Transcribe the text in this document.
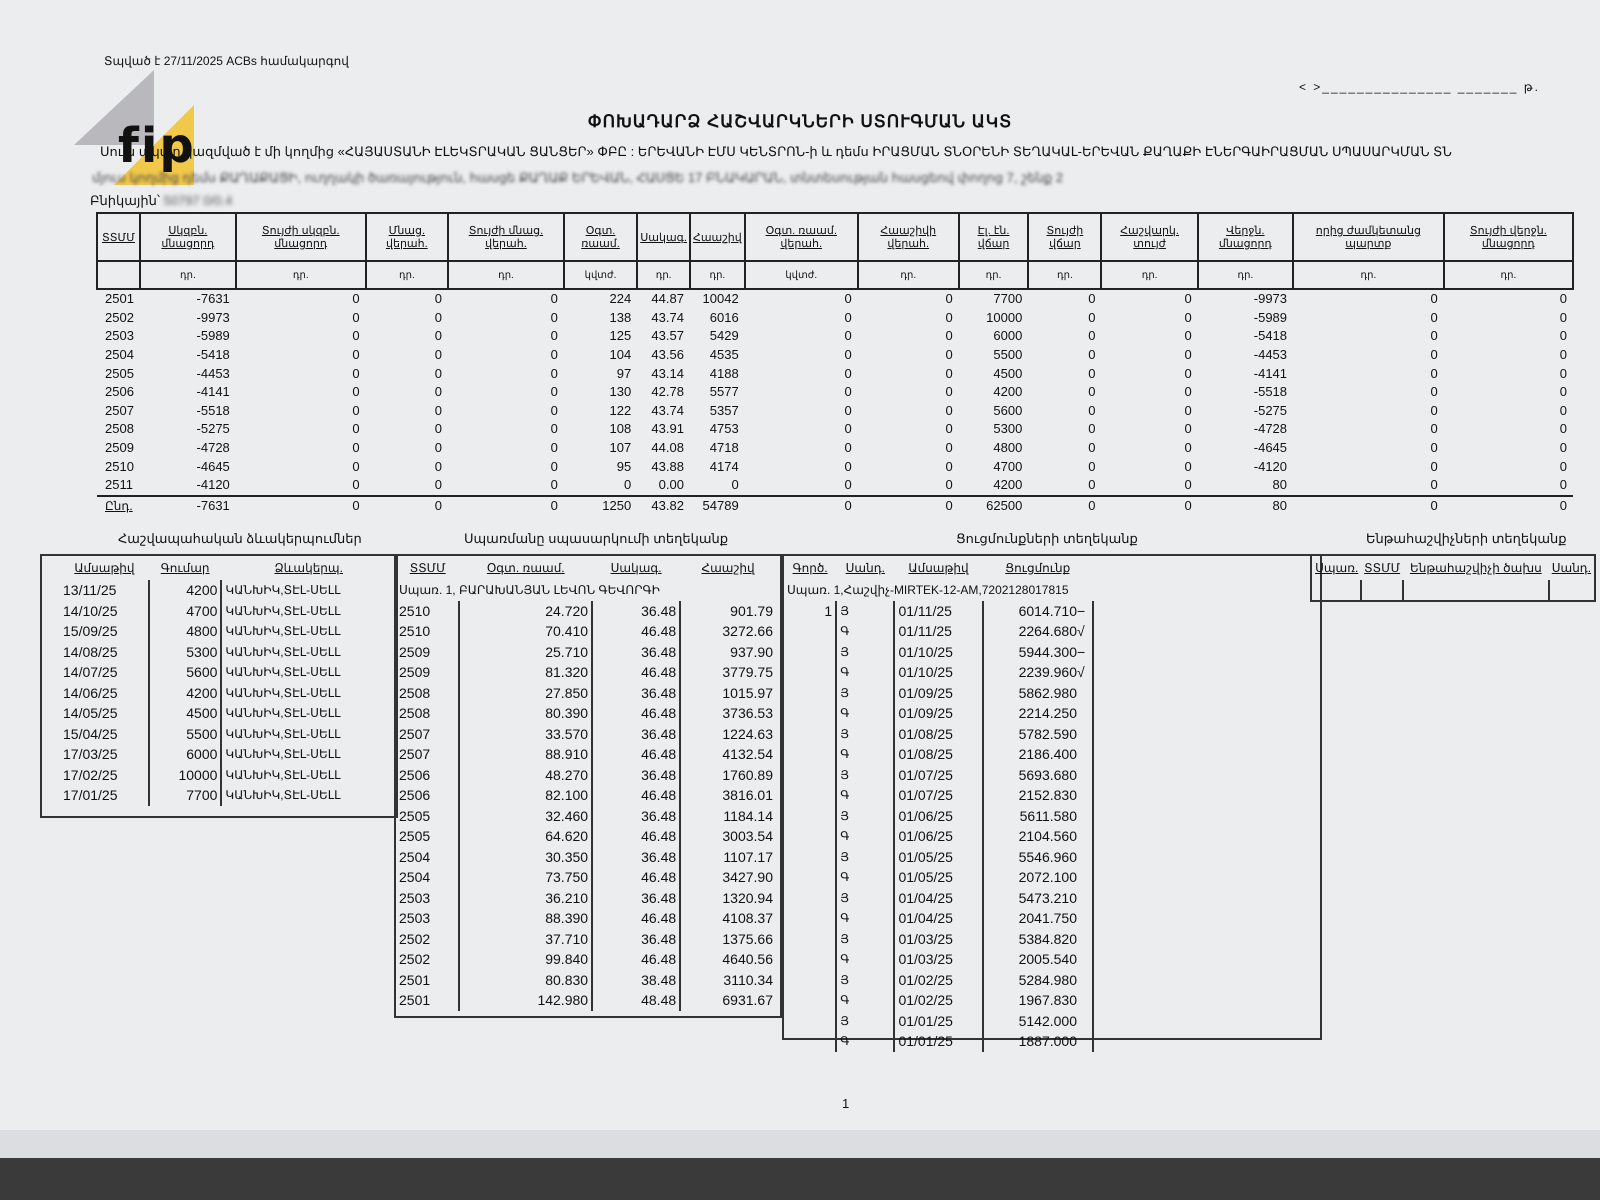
Տպված է 27/11/2025 ACBs համակարգով
< >_______________ _______ թ.
fip	ՓՈԽԱԴԱՐՁ ՀԱՇՎԱՐԿՆԵՐԻ ՍՏՈՒԳՄԱՆ ԱԿՏ
Սույն ակտը կազմված է մի կողմից «ՀԱՅԱՍՏԱՆԻ ԷԼԵԿՏՐԱԿԱՆ ՑԱՆՑԵՐ» ՓԲԸ : ԵՐԵՎԱՆԻ ԷՄՍ ԿԵՆՏՐՈՆ-ի և դեմս ԻՐԱՑՄԱՆ ՏՆՕՐԵՆԻ ՏԵՂԱԿԱԼ-ԵՐԵՎԱՆ ՔԱՂԱՔԻ ԷՆԵՐԳԱԻՐԱՑՄԱՆ ՍՊԱՍԱՐԿՄԱՆ ՏՆ
մյուս կողմից դեմս ՔԱՂԱՔԱՑԻ, ուղղակի ծառայություն, հասցե ՔԱՂԱՔ ԵՐԵՎԱՆ, ՀԱՍՑԵ 17 ԲՆԱԿԱՐԱՆ, տնտեսության հասցեով փողոց 7, շենք 2
Բնիկային՝ 50797 0/0.4
ՏՏՄՄ	Սկզբն. մնացորդ	Տույժի սկզբն. մնացորդ	Մնաց. վերահ.	Տույժի մնաց. վերահ.	Օգտ. ռաամ.	Սակագ.	Հաաշիվ	Օգտ. ռաամ. վերահ.	Հաաշիվի վերահ.	Էլ. էն. վճար	Տույժի վճար	Հաշվարկ. տույժ	Վերջն. մնացորդ	որից ժամկետանց պարտք	Տույժի վերջն. մնացորդ
	դր.	դր.	դր.	դր.	կվտժ.	դր.	դր.	կվտժ.	դր.	դր.	դր.	դր.	դր.	դր.	դր.
2501	-7631	0	0	0	224	44.87	10042	0	0	7700	0	0	-9973	0	0
2502	-9973	0	0	0	138	43.74	6016	0	0	10000	0	0	-5989	0	0
2503	-5989	0	0	0	125	43.57	5429	0	0	6000	0	0	-5418	0	0
2504	-5418	0	0	0	104	43.56	4535	0	0	5500	0	0	-4453	0	0
2505	-4453	0	0	0	97	43.14	4188	0	0	4500	0	0	-4141	0	0
2506	-4141	0	0	0	130	42.78	5577	0	0	4200	0	0	-5518	0	0
2507	-5518	0	0	0	122	43.74	5357	0	0	5600	0	0	-5275	0	0
2508	-5275	0	0	0	108	43.91	4753	0	0	5300	0	0	-4728	0	0
2509	-4728	0	0	0	107	44.08	4718	0	0	4800	0	0	-4645	0	0
2510	-4645	0	0	0	95	43.88	4174	0	0	4700	0	0	-4120	0	0
2511	-4120	0	0	0	0	0.00	0	0	0	4200	0	0	80	0	0
Ընդ.	-7631	0	0	0	1250	43.82	54789	0	0	62500	0	0	80	0	0
Հաշվապահական ձևակերպումներ	Սպառմանը սպասարկումի տեղեկանք	Ցուցմունքների տեղեկանք	Ենթահաշվիչների տեղեկանք
Ամսաթիվ	Գումար	Ձևակերպ.
13/11/25	4200	ԿԱՆԽԻԿ,ՏԷԼ-ՍԵԼԼ
14/10/25	4700	ԿԱՆԽԻԿ,ՏԷԼ-ՍԵԼԼ
15/09/25	4800	ԿԱՆԽԻԿ,ՏԷԼ-ՍԵԼԼ
14/08/25	5300	ԿԱՆԽԻԿ,ՏԷԼ-ՍԵԼԼ
14/07/25	5600	ԿԱՆԽԻԿ,ՏԷԼ-ՍԵԼԼ
14/06/25	4200	ԿԱՆԽԻԿ,ՏԷԼ-ՍԵԼԼ
14/05/25	4500	ԿԱՆԽԻԿ,ՏԷԼ-ՍԵԼԼ
15/04/25	5500	ԿԱՆԽԻԿ,ՏԷԼ-ՍԵԼԼ
17/03/25	6000	ԿԱՆԽԻԿ,ՏԷԼ-ՍԵԼԼ
17/02/25	10000	ԿԱՆԽԻԿ,ՏԷԼ-ՍԵԼԼ
17/01/25	7700	ԿԱՆԽԻԿ,ՏԷԼ-ՍԵԼԼ
ՏՏՄՄ	Օգտ. ռաամ.	Սակագ.	Հաաշիվ
Սպառ. 1, ԲԱՐԱԽԱՆՅԱՆ ԼԵՎՈՆ ԳԵՎՈՐԳԻ			
2510	24.720	36.48	901.79
2510	70.410	46.48	3272.66
2509	25.710	36.48	937.90
2509	81.320	46.48	3779.75
2508	27.850	36.48	1015.97
2508	80.390	46.48	3736.53
2507	33.570	36.48	1224.63
2507	88.910	46.48	4132.54
2506	48.270	36.48	1760.89
2506	82.100	46.48	3816.01
2505	32.460	36.48	1184.14
2505	64.620	46.48	3003.54
2504	30.350	36.48	1107.17
2504	73.750	46.48	3427.90
2503	36.210	36.48	1320.94
2503	88.390	46.48	4108.37
2502	37.710	36.48	1375.66
2502	99.840	46.48	4640.56
2501	80.830	38.48	3110.34
2501	142.980	48.48	6931.67
Գործ.	Սանդ.	Ամսաթիվ	Ցուցմունք
Սպառ. 1,Հաշվիչ-MIRTEK-12-AM,7202128017815			
1	Յ	01/11/25	6014.710−
	Գ	01/11/25	2264.680√
	Յ	01/10/25	5944.300−
	Գ	01/10/25	2239.960√
	Յ	01/09/25	5862.980
	Գ	01/09/25	2214.250
	Յ	01/08/25	5782.590
	Գ	01/08/25	2186.400
	Յ	01/07/25	5693.680
	Գ	01/07/25	2152.830
	Յ	01/06/25	5611.580
	Գ	01/06/25	2104.560
	Յ	01/05/25	5546.960
	Գ	01/05/25	2072.100
	Յ	01/04/25	5473.210
	Գ	01/04/25	2041.750
	Յ	01/03/25	5384.820
	Գ	01/03/25	2005.540
	Յ	01/02/25	5284.980
	Գ	01/02/25	1967.830
	Յ	01/01/25	5142.000
	Գ	01/01/25	1887.000
Սպառ.	ՏՏՄՄ	Ենթահաշվիչի ծախս	Սանդ.

1
